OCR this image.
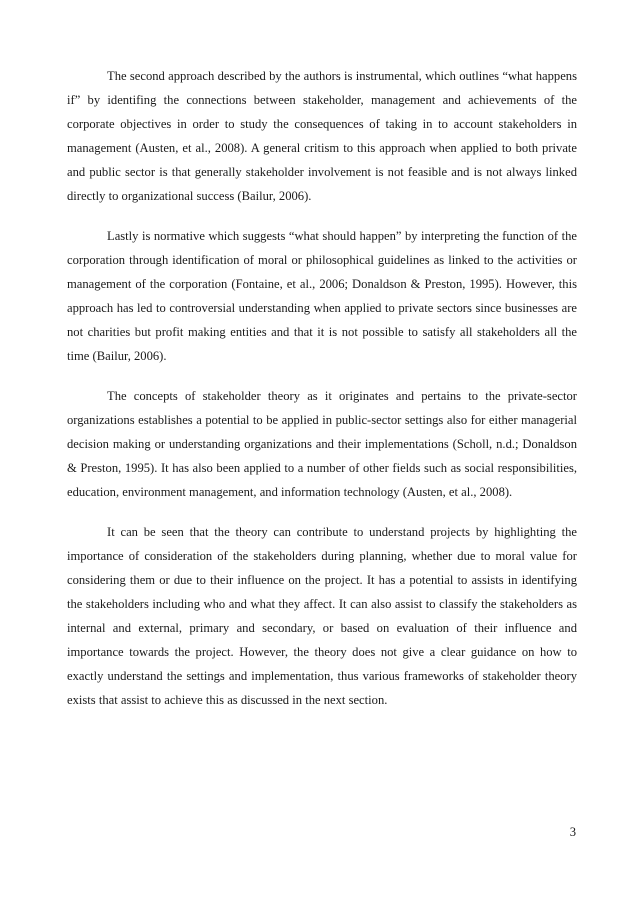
The second approach described by the authors is instrumental, which outlines “what happens if” by identifing the connections between stakeholder, management and achievements of the corporate objectives in order to study the consequences of taking in to account stakeholders in management (Austen, et al., 2008). A general critism to this approach when applied to both private and public sector is that generally stakeholder involvement is not feasible and is not always linked directly to organizational success (Bailur, 2006).

Lastly is normative which suggests “what should happen” by interpreting the function of the corporation through identification of moral or philosophical guidelines as linked to the activities or management of the corporation (Fontaine, et al., 2006; Donaldson & Preston, 1995). However, this approach has led to controversial understanding when applied to private sectors since businesses are not charities but profit making entities and that it is not possible to satisfy all stakeholders all the time (Bailur, 2006).

The concepts of stakeholder theory as it originates and pertains to the private-sector organizations establishes a potential to be applied in public-sector settings also for either managerial decision making or understanding organizations and their implementations (Scholl, n.d.; Donaldson & Preston, 1995). It has also been applied to a number of other fields such as social responsibilities, education, environment management, and information technology (Austen, et al., 2008).

It can be seen that the theory can contribute to understand projects by highlighting the importance of consideration of the stakeholders during planning, whether due to moral value for considering them or due to their influence on the project. It has a potential to assists in identifying the stakeholders including who and what they affect. It can also assist to classify the stakeholders as internal and external, primary and secondary, or based on evaluation of their influence and importance towards the project. However, the theory does not give a clear guidance on how to exactly understand the settings and implementation, thus various frameworks of stakeholder theory exists that assist to achieve this as discussed in the next section.

3
